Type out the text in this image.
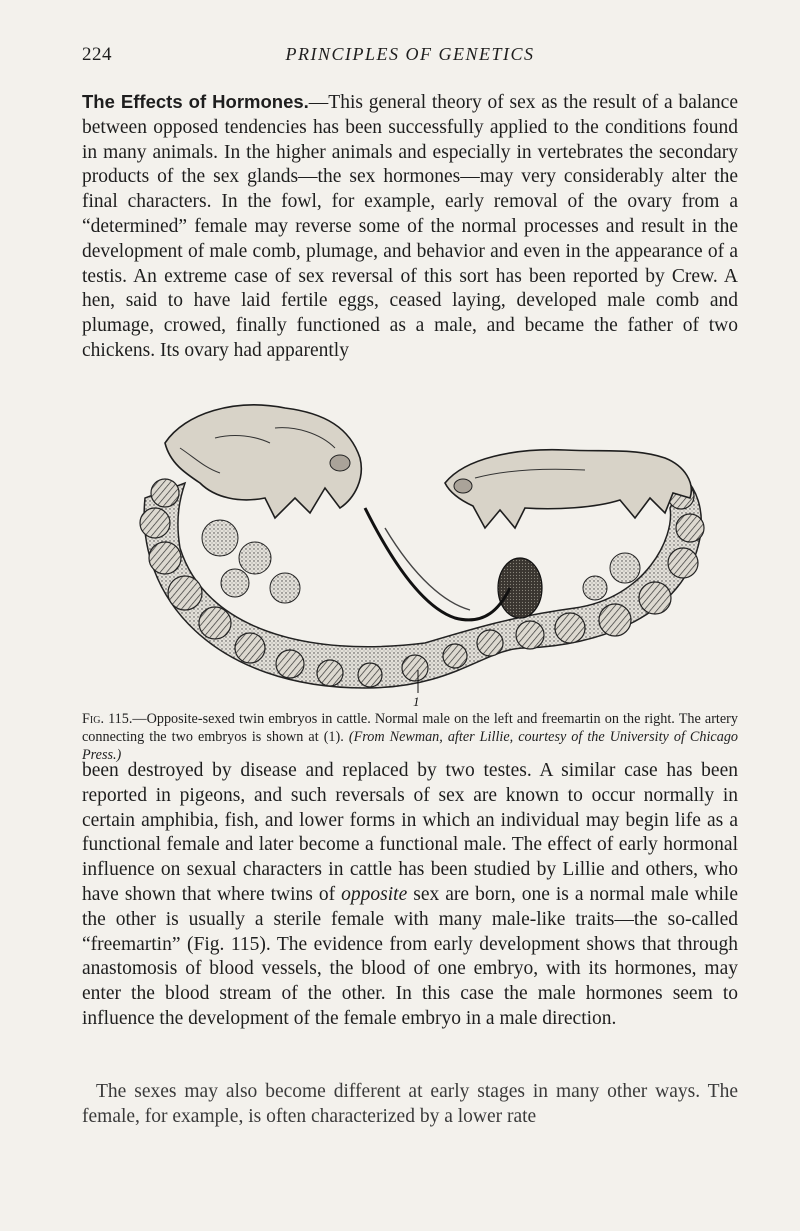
224	PRINCIPLES OF GENETICS

The Effects of Hormones.—This general theory of sex as the result of a balance between opposed tendencies has been successfully applied to the conditions found in many animals. In the higher animals and especially in vertebrates the secondary products of the sex glands—the sex hormones—may very considerably alter the final characters. In the fowl, for example, early removal of the ovary from a “determined” female may reverse some of the normal processes and result in the development of male comb, plumage, and behavior and even in the appearance of a testis. An extreme case of sex reversal of this sort has been reported by Crew. A hen, said to have laid fertile eggs, ceased laying, developed male comb and plumage, crowed, finally functioned as a male, and became the father of two chickens. Its ovary had apparently

1

Fig. 115.—Opposite-sexed twin embryos in cattle. Normal male on the left and freemartin on the right. The artery connecting the two embryos is shown at (1). (From Newman, after Lillie, courtesy of the University of Chicago Press.)

been destroyed by disease and replaced by two testes. A similar case has been reported in pigeons, and such reversals of sex are known to occur normally in certain amphibia, fish, and lower forms in which an individual may begin life as a functional female and later become a functional male. The effect of early hormonal influence on sexual characters in cattle has been studied by Lillie and others, who have shown that where twins of opposite sex are born, one is a normal male while the other is usually a sterile female with many male-like traits—the so-called “freemartin” (Fig. 115). The evidence from early development shows that through anastomosis of blood vessels, the blood of one embryo, with its hormones, may enter the blood stream of the other. In this case the male hormones seem to influence the development of the female embryo in a male direction.

The sexes may also become different at early stages in many other ways. The female, for example, is often characterized by a lower rate
